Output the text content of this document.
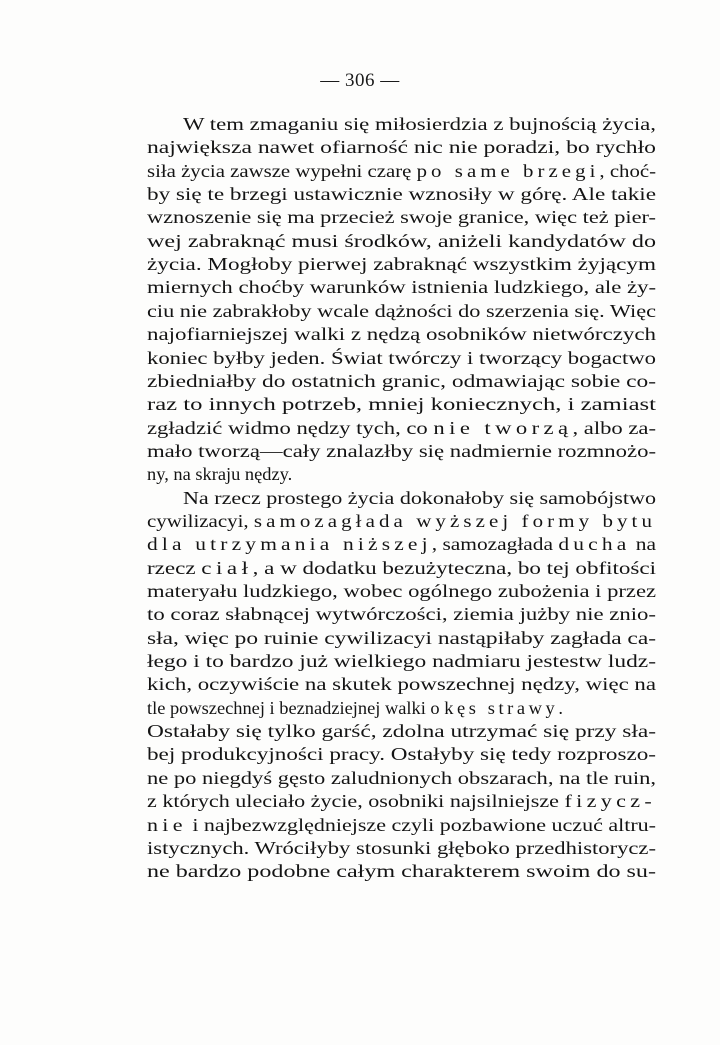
— 306 —
W tem zmaganiu się miłosierdzia z bujnością życia,
największa nawet ofiarność nic nie poradzi, bo rychło
siła życia zawsze wypełni czarę po same brzegi, choć-
by się te brzegi ustawicznie wznosiły w górę. Ale takie
wznoszenie się ma przecież swoje granice, więc też pier-
wej zabraknąć musi środków, aniżeli kandydatów do
życia. Mogłoby pierwej zabraknąć wszystkim żyjącym
miernych choćby warunków istnienia ludzkiego, ale ży-
ciu nie zabrakłoby wcale dążności do szerzenia się. Więc
najofiarniejszej walki z nędzą osobników nietwórczych
koniec byłby jeden. Świat twórczy i tworzący bogactwo
zbiedniałby do ostatnich granic, odmawiając sobie co-
raz to innych potrzeb, mniej koniecznych, i zamiast
zgładzić widmo nędzy tych, co nie tworzą, albo za-
mało tworzą—cały znalazłby się nadmiernie rozmnożo-
ny, na skraju nędzy.
Na rzecz prostego życia dokonałoby się samobójstwo
cywilizacyi, samozagłada wyższej formy bytu
dla utrzymania niższej, samozagłada ducha na
rzecz ciał, a w dodatku bezużyteczna, bo tej obfitości
materyału ludzkiego, wobec ogólnego zubożenia i przez
to coraz słabnącej wytwórczości, ziemia jużby nie znio-
sła, więc po ruinie cywilizacyi nastąpiłaby zagłada ca-
łego i to bardzo już wielkiego nadmiaru jestestw ludz-
kich, oczywiście na skutek powszechnej nędzy, więc na
tle powszechnej i beznadziejnej walki o kęs strawy.
Ostałaby się tylko garść, zdolna utrzymać się przy sła-
bej produkcyjności pracy. Ostałyby się tedy rozproszo-
ne po niegdyś gęsto zaludnionych obszarach, na tle ruin,
z których uleciało życie, osobniki najsilniejsze fizycz-
nie i najbezwzględniejsze czyli pozbawione uczuć altru-
istycznych. Wróciłyby stosunki głęboko przedhistorycz-
ne bardzo podobne całym charakterem swoim do su-
